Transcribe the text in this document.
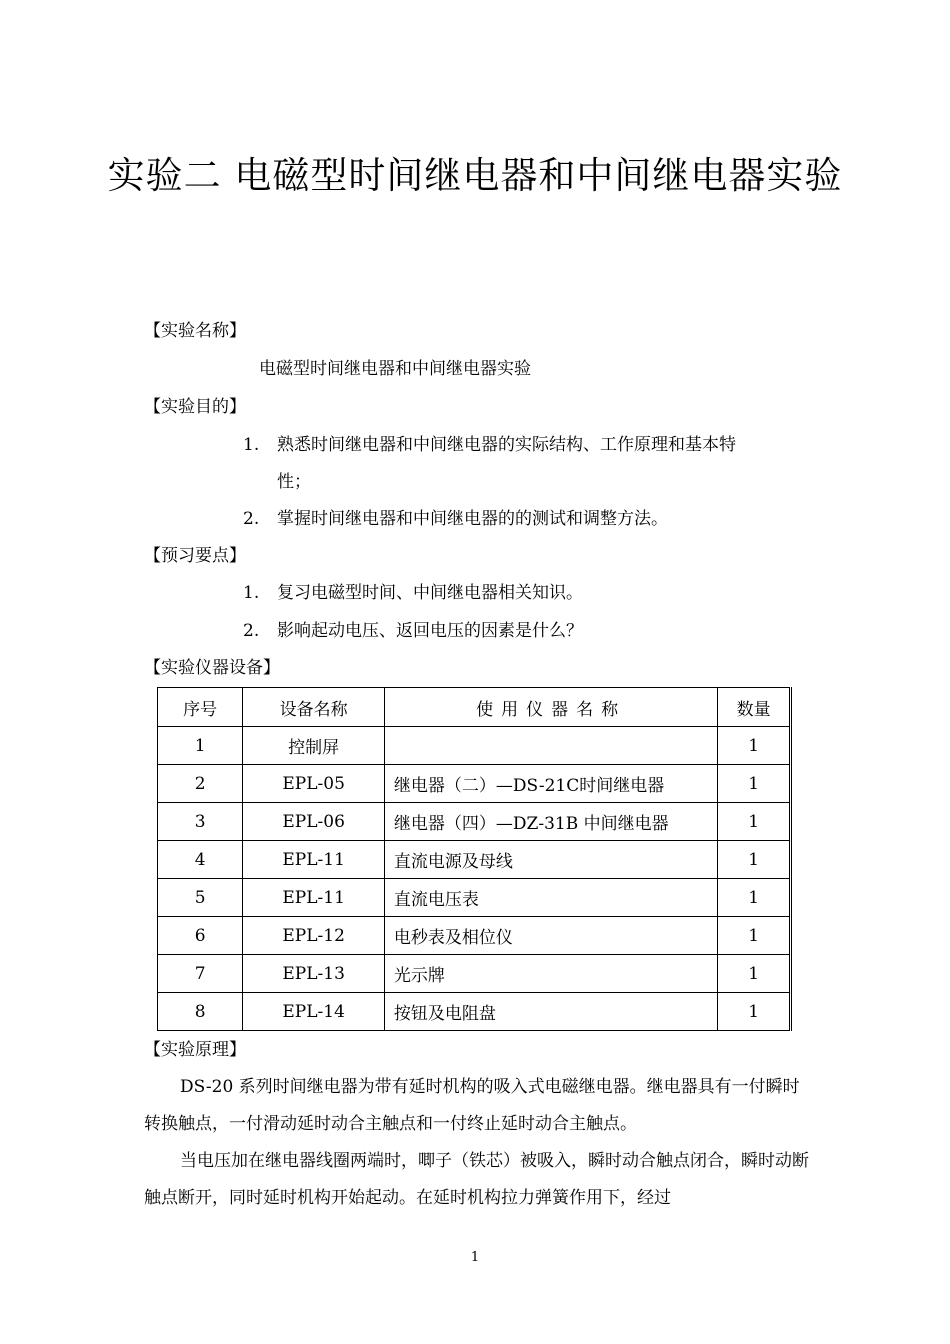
实验二 电磁型时间继电器和中间继电器实验
【实验名称】
电磁型时间继电器和中间继电器实验
【实验目的】
1. 熟悉时间继电器和中间继电器的实际结构、工作原理和基本特
性；
2. 掌握时间继电器和中间继电器的的测试和调整方法。
【预习要点】
1. 复习电磁型时间、中间继电器相关知识。
2. 影响起动电压、返回电压的因素是什么？
【实验仪器设备】
序号	设备名称	使用仪器名称	数量
1	控制屏		1
2	EPL-05	继电器（二）—DS-21C时间继电器	1
3	EPL-06	继电器（四）—DZ-31B 中间继电器	1
4	EPL-11	直流电源及母线	1
5	EPL-11	直流电压表	1
6	EPL-12	电秒表及相位仪	1
7	EPL-13	光示牌	1
8	EPL-14	按钮及电阻盘	1
【实验原理】
DS-20 系列时间继电器为带有延时机构的吸入式电磁继电器。继电器具有一付瞬时转换触点，一付滑动延时动合主触点和一付终止延时动合主触点。
当电压加在继电器线圈两端时，唧子（铁芯）被吸入，瞬时动合触点闭合，瞬时动断触点断开，同时延时机构开始起动。在延时机构拉力弹簧作用下，经过
1
